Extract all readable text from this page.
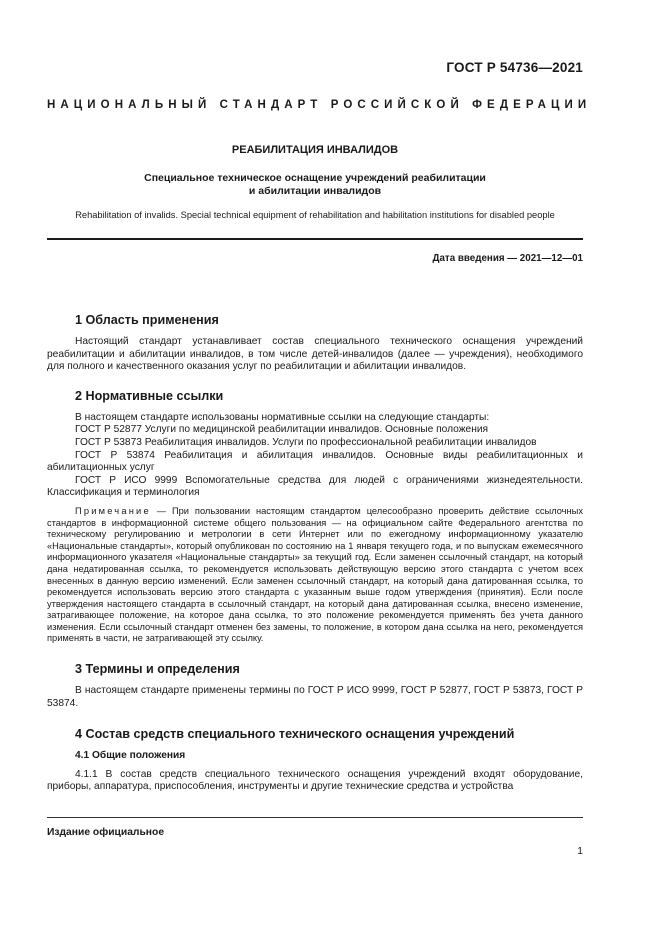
ГОСТ Р 54736—2021
НАЦИОНАЛЬНЫЙ СТАНДАРТ РОССИЙСКОЙ ФЕДЕРАЦИИ
РЕАБИЛИТАЦИЯ ИНВАЛИДОВ
Специальное техническое оснащение учреждений реабилитации
и абилитации инвалидов
Rehabilitation of invalids. Special technical equipment of rehabilitation and habilitation institutions for disabled people
Дата введения — 2021—12—01
1 Область применения

Настоящий стандарт устанавливает состав специального технического оснащения учреждений реабилитации и абилитации инвалидов, в том числе детей-инвалидов (далее — учреждения), необходимого для полного и качественного оказания услуг по реабилитации и абилитации инвалидов.

2 Нормативные ссылки

В настоящем стандарте использованы нормативные ссылки на следующие стандарты:

ГОСТ Р 52877 Услуги по медицинской реабилитации инвалидов. Основные положения

ГОСТ Р 53873 Реабилитация инвалидов. Услуги по профессиональной реабилитации инвалидов

ГОСТ Р 53874 Реабилитация и абилитация инвалидов. Основные виды реабилитационных и абилитационных услуг

ГОСТ Р ИСО 9999 Вспомогательные средства для людей с ограничениями жизнедеятельности. Классификация и терминология

Примечание — При пользовании настоящим стандартом целесообразно проверить действие ссылочных стандартов в информационной системе общего пользования — на официальном сайте Федерального агентства по техническому регулированию и метрологии в сети Интернет или по ежегодному информационному указателю «Национальные стандарты», который опубликован по состоянию на 1 января текущего года, и по выпускам ежемесячного информационного указателя «Национальные стандарты» за текущий год. Если заменен ссылочный стандарт, на который дана недатированная ссылка, то рекомендуется использовать действующую версию этого стандарта с учетом всех внесенных в данную версию изменений. Если заменен ссылочный стандарт, на который дана датированная ссылка, то рекомендуется использовать версию этого стандарта с указанным выше годом утверждения (принятия). Если после утверждения настоящего стандарта в ссылочный стандарт, на который дана датированная ссылка, внесено изменение, затрагивающее положение, на которое дана ссылка, то это положение рекомендуется применять без учета данного изменения. Если ссылочный стандарт отменен без замены, то положение, в котором дана ссылка на него, рекомендуется применять в части, не затрагивающей эту ссылку.

3 Термины и определения

В настоящем стандарте применены термины по ГОСТ Р ИСО 9999, ГОСТ Р 52877, ГОСТ Р 53873, ГОСТ Р 53874.

4 Состав средств специального технического оснащения учреждений
4.1 Общие положения

4.1.1 В состав средств специального технического оснащения учреждений входят оборудование, приборы, аппаратура, приспособления, инструменты и другие технические средства и устройства

Издание официальное
1
